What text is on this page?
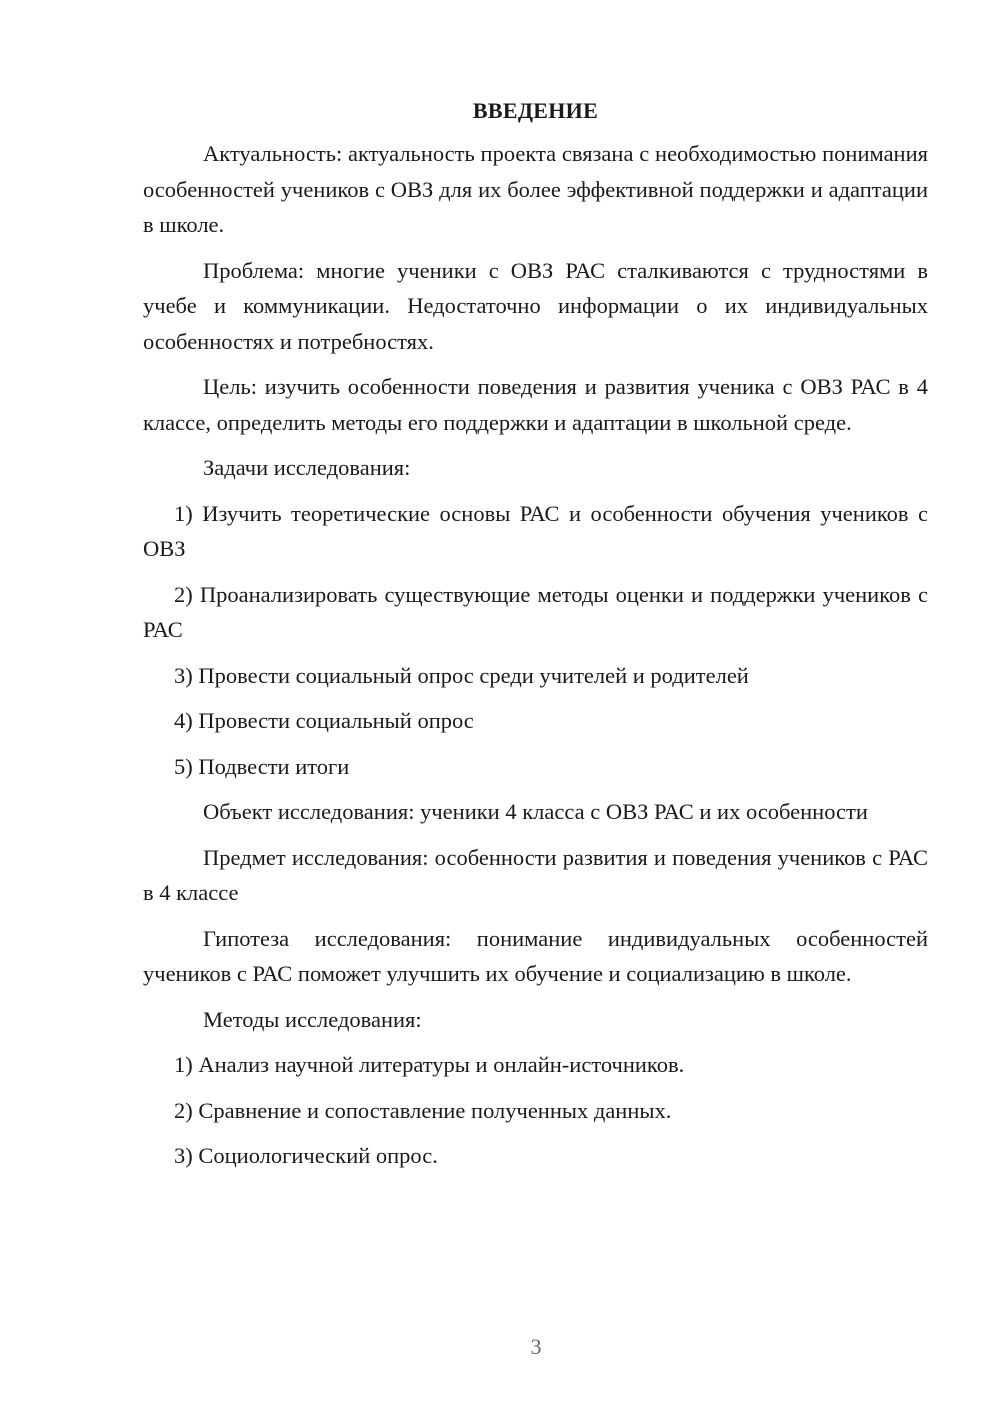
ВВЕДЕНИЕ

Актуальность: актуальность проекта связана с необходимостью понимания особенностей учеников с ОВЗ для их более эффективной поддержки и адаптации в школе.

Проблема: многие ученики с ОВЗ РАС сталкиваются с трудностями в учебе и коммуникации. Недостаточно информации о их индивидуальных особенностях и потребностях.

Цель: изучить особенности поведения и развития ученика с ОВЗ РАС в 4 классе, определить методы его поддержки и адаптации в школьной среде.

Задачи исследования:

1) Изучить теоретические основы РАС и особенности обучения учеников с ОВЗ

2) Проанализировать существующие методы оценки и поддержки учеников с РАС

3) Провести социальный опрос среди учителей и родителей

4) Провести социальный опрос

5) Подвести итоги

Объект исследования: ученики 4 класса с ОВЗ РАС и их особенности

Предмет исследования: особенности развития и поведения учеников с РАС в 4 классе

Гипотеза исследования: понимание индивидуальных особенностей учеников с РАС поможет улучшить их обучение и социализацию в школе.

Методы исследования:

1) Анализ научной литературы и онлайн-источников.

2) Сравнение и сопоставление полученных данных.

3) Социологический опрос.

3
